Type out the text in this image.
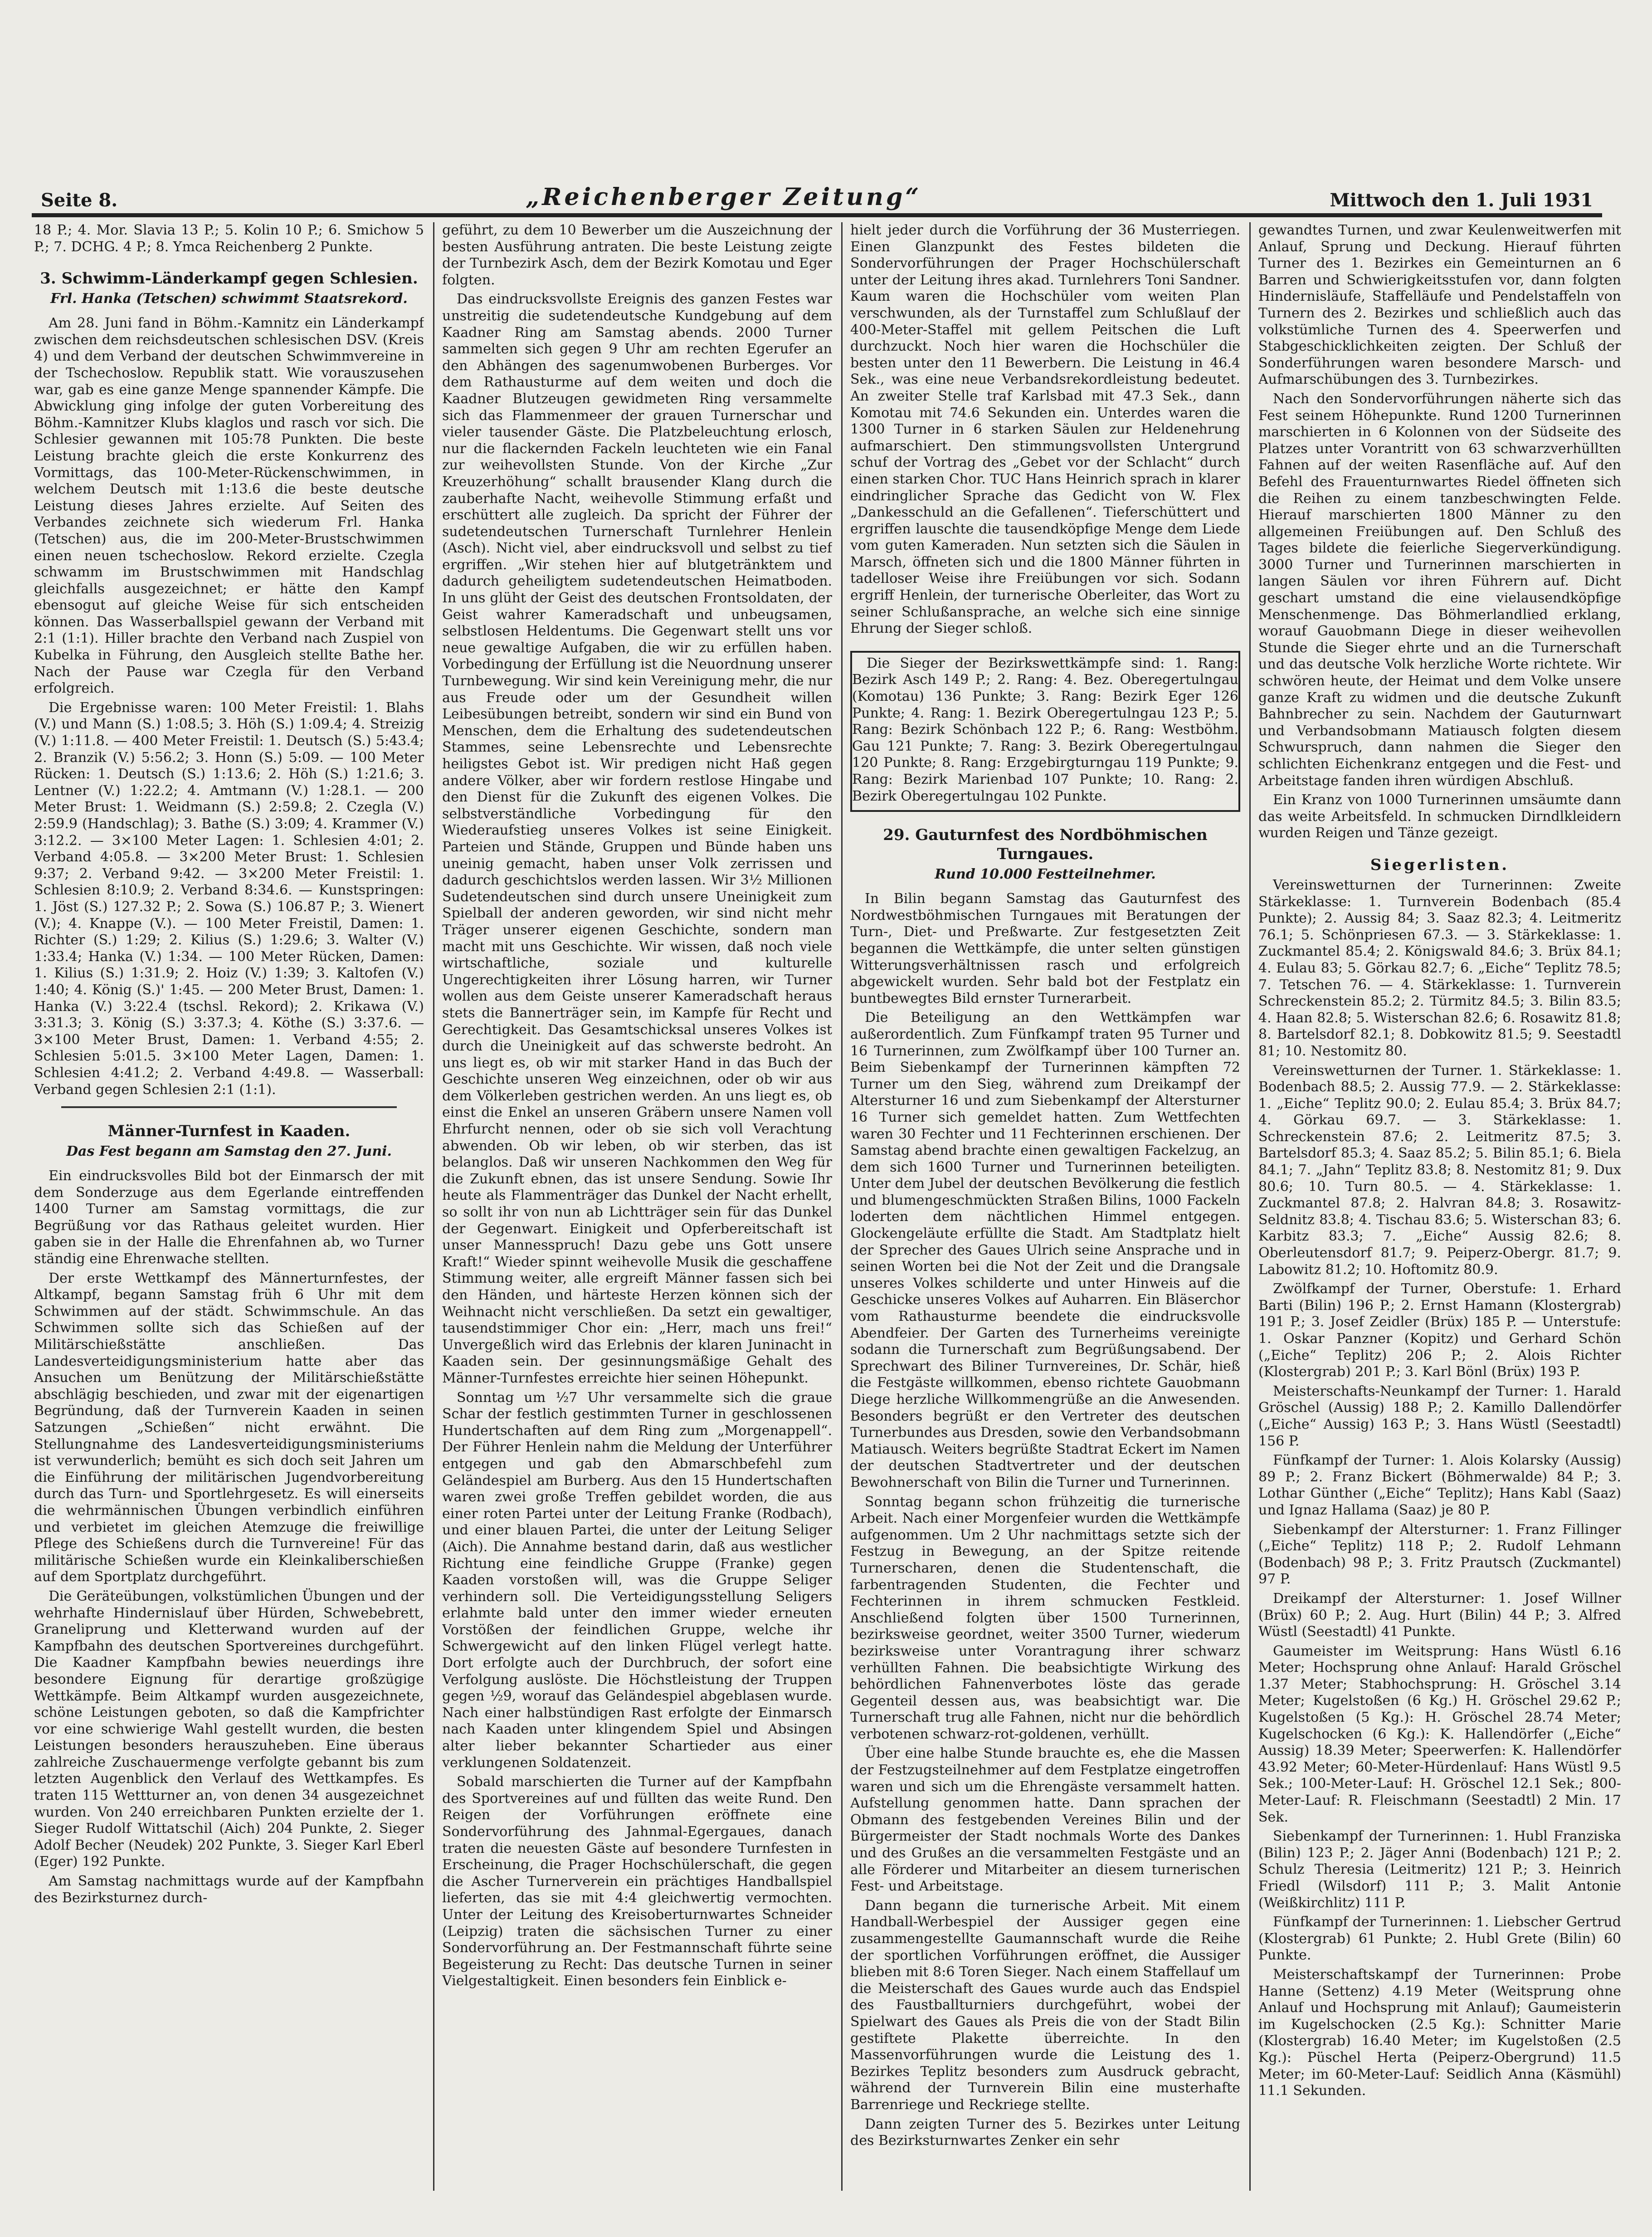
Seite 8.	„Reichenberger Zeitung“	Mittwoch den 1. Juli 1931

18 P.; 4. Mor. Slavia 13 P.; 5. Kolin 10 P.; 6. Smichow 5 P.; 7. DCHG. 4 P.; 8. Ymca Reichenberg 2 Punkte.

3. Schwimm-Länderkampf gegen Schlesien.
Frl. Hanka (Tetschen) schwimmt Staatsrekord.

Am 28. Juni fand in Böhm.-Kamnitz ein Länderkampf zwischen dem reichsdeutschen schlesischen DSV. (Kreis 4) und dem Verband der deutschen Schwimmvereine in der Tschechoslow. Republik statt. Wie vorauszusehen war, gab es eine ganze Menge spannender Kämpfe. Die Abwicklung ging infolge der guten Vorbereitung des Böhm.-Kamnitzer Klubs klaglos und rasch vor sich. Die Schlesier gewannen mit 105:78 Punkten. Die beste Leistung brachte gleich die erste Konkurrenz des Vormittags, das 100-Meter-Rückenschwimmen, in welchem Deutsch mit 1:13.6 die beste deutsche Leistung dieses Jahres erzielte. Auf Seiten des Verbandes zeichnete sich wiederum Frl. Hanka (Tetschen) aus, die im 200-Meter-Brustschwimmen einen neuen tschechoslow. Rekord erzielte. Czegla schwamm im Brustschwimmen mit Handschlag gleichfalls ausgezeichnet; er hätte den Kampf ebensogut auf gleiche Weise für sich entscheiden können. Das Wasserballspiel gewann der Verband mit 2:1 (1:1). Hiller brachte den Verband nach Zuspiel von Kubelka in Führung, den Ausgleich stellte Bathe her. Nach der Pause war Czegla für den Verband erfolgreich.

Die Ergebnisse waren: 100 Meter Freistil: 1. Blahs (V.) und Mann (S.) 1:08.5; 3. Höh (S.) 1:09.4; 4. Streizig (V.) 1:11.8. — 400 Meter Freistil: 1. Deutsch (S.) 5:43.4; 2. Branzik (V.) 5:56.2; 3. Honn (S.) 5:09. — 100 Meter Rücken: 1. Deutsch (S.) 1:13.6; 2. Höh (S.) 1:21.6; 3. Lentner (V.) 1:22.2; 4. Amtmann (V.) 1:28.1. — 200 Meter Brust: 1. Weidmann (S.) 2:59.8; 2. Czegla (V.) 2:59.9 (Handschlag); 3. Bathe (S.) 3:09; 4. Krammer (V.) 3:12.2. — 3×100 Meter Lagen: 1. Schlesien 4:01; 2. Verband 4:05.8. — 3×200 Meter Brust: 1. Schlesien 9:37; 2. Verband 9:42. — 3×200 Meter Freistil: 1. Schlesien 8:10.9; 2. Verband 8:34.6. — Kunstspringen: 1. Jöst (S.) 127.32 P.; 2. Sowa (S.) 106.87 P.; 3. Wienert (V.); 4. Knappe (V.). — 100 Meter Freistil, Damen: 1. Richter (S.) 1:29; 2. Kilius (S.) 1:29.6; 3. Walter (V.) 1:33.4; Hanka (V.) 1:34. — 100 Meter Rücken, Damen: 1. Kilius (S.) 1:31.9; 2. Hoiz (V.) 1:39; 3. Kaltofen (V.) 1:40; 4. König (S.)' 1:45. — 200 Meter Brust, Damen: 1. Hanka (V.) 3:22.4 (tschsl. Rekord); 2. Krikawa (V.) 3:31.3; 3. König (S.) 3:37.3; 4. Köthe (S.) 3:37.6. — 3×100 Meter Brust, Damen: 1. Verband 4:55; 2. Schlesien 5:01.5. 3×100 Meter Lagen, Damen: 1. Schlesien 4:41.2; 2. Verband 4:49.8. — Wasserball: Verband gegen Schlesien 2:1 (1:1).

Männer-Turnfest in Kaaden.
Das Fest begann am Samstag den 27. Juni.

Ein eindrucksvolles Bild bot der Einmarsch der mit dem Sonderzuge aus dem Egerlande eintreffenden 1400 Turner am Samstag vormittags, die zur Begrüßung vor das Rathaus geleitet wurden. Hier gaben sie in der Halle die Ehrenfahnen ab, wo Turner ständig eine Ehrenwache stellten.

Der erste Wettkampf des Männerturnfestes, der Altkampf, begann Samstag früh 6 Uhr mit dem Schwimmen auf der städt. Schwimmschule. An das Schwimmen sollte sich das Schießen auf der Militärschießstätte anschließen. Das Landesverteidigungsministerium hatte aber das Ansuchen um Benützung der Militärschießstätte abschlägig beschieden, und zwar mit der eigenartigen Begründung, daß der Turnverein Kaaden in seinen Satzungen „Schießen“ nicht erwähnt. Die Stellungnahme des Landesverteidigungsministeriums ist verwunderlich; bemüht es sich doch seit Jahren um die Einführung der militärischen Jugendvorbereitung durch das Turn- und Sportlehrgesetz. Es will einerseits die wehrmännischen Übungen verbindlich einführen und verbietet im gleichen Atemzuge die freiwillige Pflege des Schießens durch die Turnvereine! Für das militärische Schießen wurde ein Kleinkaliberschießen auf dem Sportplatz durchgeführt.

Die Geräteübungen, volkstümlichen Übungen und der wehrhafte Hindernislauf über Hürden, Schwebebrett, Graneliprung und Kletterwand wurden auf der Kampfbahn des deutschen Sportvereines durchgeführt. Die Kaadner Kampfbahn bewies neuerdings ihre besondere Eignung für derartige großzügige Wettkämpfe. Beim Altkampf wurden ausgezeichnete, schöne Leistungen geboten, so daß die Kampfrichter vor eine schwierige Wahl gestellt wurden, die besten Leistungen besonders herauszuheben. Eine überaus zahlreiche Zuschauermenge verfolgte gebannt bis zum letzten Augenblick den Verlauf des Wettkampfes. Es traten 115 Wettturner an, von denen 34 ausgezeichnet wurden. Von 240 erreichbaren Punkten erzielte der 1. Sieger Rudolf Wittatschil (Aich) 204 Punkte, 2. Sieger Adolf Becher (Neudek) 202 Punkte, 3. Sieger Karl Eberl (Eger) 192 Punkte.

Am Samstag nachmittags wurde auf der Kampfbahn des Bezirksturnez durch-

geführt, zu dem 10 Bewerber um die Auszeichnung der besten Ausführung antraten. Die beste Leistung zeigte der Turnbezirk Asch, dem der Bezirk Komotau und Eger folgten.

Das eindrucksvollste Ereignis des ganzen Festes war unstreitig die sudetendeutsche Kundgebung auf dem Kaadner Ring am Samstag abends. 2000 Turner sammelten sich gegen 9 Uhr am rechten Egerufer an den Abhängen des sagenumwobenen Burberges. Vor dem Rathausturme auf dem weiten und doch die Kaadner Blutzeugen gewidmeten Ring versammelte sich das Flammenmeer der grauen Turnerschar und vieler tausender Gäste. Die Platzbeleuchtung erlosch, nur die flackernden Fackeln leuchteten wie ein Fanal zur weihevollsten Stunde. Von der Kirche „Zur Kreuzerhöhung“ schallt brausender Klang durch die zauberhafte Nacht, weihevolle Stimmung erfaßt und erschüttert alle zugleich. Da spricht der Führer der sudetendeutschen Turnerschaft Turnlehrer Henlein (Asch). Nicht viel, aber eindrucksvoll und selbst zu tief ergriffen. „Wir stehen hier auf blutgetränktem und dadurch geheiligtem sudetendeutschen Heimatboden. In uns glüht der Geist des deutschen Frontsoldaten, der Geist wahrer Kameradschaft und unbeugsamen, selbstlosen Heldentums. Die Gegenwart stellt uns vor neue gewaltige Aufgaben, die wir zu erfüllen haben. Vorbedingung der Erfüllung ist die Neuordnung unserer Turnbewegung. Wir sind kein Vereinigung mehr, die nur aus Freude oder um der Gesundheit willen Leibesübungen betreibt, sondern wir sind ein Bund von Menschen, dem die Erhaltung des sudetendeutschen Stammes, seine Lebensrechte und Lebensrechte heiligstes Gebot ist. Wir predigen nicht Haß gegen andere Völker, aber wir fordern restlose Hingabe und den Dienst für die Zukunft des eigenen Volkes. Die selbstverständliche Vorbedingung für den Wiederaufstieg unseres Volkes ist seine Einigkeit. Parteien und Stände, Gruppen und Bünde haben uns uneinig gemacht, haben unser Volk zerrissen und dadurch geschichtslos werden lassen. Wir 3½ Millionen Sudetendeutschen sind durch unsere Uneinigkeit zum Spielball der anderen geworden, wir sind nicht mehr Träger unserer eigenen Geschichte, sondern man macht mit uns Geschichte. Wir wissen, daß noch viele wirtschaftliche, soziale und kulturelle Ungerechtigkeiten ihrer Lösung harren, wir Turner wollen aus dem Geiste unserer Kameradschaft heraus stets die Bannerträger sein, im Kampfe für Recht und Gerechtigkeit. Das Gesamtschicksal unseres Volkes ist durch die Uneinigkeit auf das schwerste bedroht. An uns liegt es, ob wir mit starker Hand in das Buch der Geschichte unseren Weg einzeichnen, oder ob wir aus dem Völkerleben gestrichen werden. An uns liegt es, ob einst die Enkel an unseren Gräbern unsere Namen voll Ehrfurcht nennen, oder ob sie sich voll Verachtung abwenden. Ob wir leben, ob wir sterben, das ist belanglos. Daß wir unseren Nachkommen den Weg für die Zukunft ebnen, das ist unsere Sendung. Sowie Ihr heute als Flammenträger das Dunkel der Nacht erhellt, so sollt ihr von nun ab Lichtträger sein für das Dunkel der Gegenwart. Einigkeit und Opferbereitschaft ist unser Mannesspruch! Dazu gebe uns Gott unsere Kraft!“ Wieder spinnt weihevolle Musik die geschaffene Stimmung weiter, alle ergreift Männer fassen sich bei den Händen, und härteste Herzen können sich der Weihnacht nicht verschließen. Da setzt ein gewaltiger, tausendstimmiger Chor ein: „Herr, mach uns frei!“ Unvergeßlich wird das Erlebnis der klaren Juninacht in Kaaden sein. Der gesinnungsmäßige Gehalt des Männer-Turnfestes erreichte hier seinen Höhepunkt.

Sonntag um ½7 Uhr versammelte sich die graue Schar der festlich gestimmten Turner in geschlossenen Hundertschaften auf dem Ring zum „Morgenappell“. Der Führer Henlein nahm die Meldung der Unterführer entgegen und gab den Abmarschbefehl zum Geländespiel am Burberg. Aus den 15 Hundertschaften waren zwei große Treffen gebildet worden, die aus einer roten Partei unter der Leitung Franke (Rodbach), und einer blauen Partei, die unter der Leitung Seliger (Aich). Die Annahme bestand darin, daß aus westlicher Richtung eine feindliche Gruppe (Franke) gegen Kaaden vorstoßen will, was die Gruppe Seliger verhindern soll. Die Verteidigungsstellung Seligers erlahmte bald unter den immer wieder erneuten Vorstößen der feindlichen Gruppe, welche ihr Schwergewicht auf den linken Flügel verlegt hatte. Dort erfolgte auch der Durchbruch, der sofort eine Verfolgung auslöste. Die Höchstleistung der Truppen gegen ½9, worauf das Geländespiel abgeblasen wurde. Nach einer halbstündigen Rast erfolgte der Einmarsch nach Kaaden unter klingendem Spiel und Absingen alter lieber bekannter Schartieder aus einer verklungenen Soldatenzeit.

Sobald marschierten die Turner auf der Kampfbahn des Sportvereines auf und füllten das weite Rund. Den Reigen der Vorführungen eröffnete eine Sondervorführung des Jahnmal-Egergaues, danach traten die neuesten Gäste auf besondere Turnfesten in Erscheinung, die Prager Hochschülerschaft, die gegen die Ascher Turnerverein ein prächtiges Handballspiel lieferten, das sie mit 4:4 gleichwertig vermochten. Unter der Leitung des Kreisoberturnwartes Schneider (Leipzig) traten die sächsischen Turner zu einer Sondervorführung an. Der Festmannschaft führte seine Begeisterung zu Recht: Das deutsche Turnen in seiner Vielgestaltigkeit. Einen besonders fein Einblick e-

hielt jeder durch die Vorführung der 36 Musterriegen. Einen Glanzpunkt des Festes bildeten die Sondervorführungen der Prager Hochschülerschaft unter der Leitung ihres akad. Turnlehrers Toni Sandner. Kaum waren die Hochschüler vom weiten Plan verschwunden, als der Turnstaffel zum Schlußlauf der 400-Meter-Staffel mit gellem Peitschen die Luft durchzuckt. Noch hier waren die Hochschüler die besten unter den 11 Bewerbern. Die Leistung in 46.4 Sek., was eine neue Verbandsrekordleistung bedeutet. An zweiter Stelle traf Karlsbad mit 47.3 Sek., dann Komotau mit 74.6 Sekunden ein. Unterdes waren die 1300 Turner in 6 starken Säulen zur Heldenehrung aufmarschiert. Den stimmungsvollsten Untergrund schuf der Vortrag des „Gebet vor der Schlacht“ durch einen starken Chor. TUC Hans Heinrich sprach in klarer eindringlicher Sprache das Gedicht von W. Flex „Dankesschuld an die Gefallenen“. Tieferschüttert und ergriffen lauschte die tausendköpfige Menge dem Liede vom guten Kameraden. Nun setzten sich die Säulen in Marsch, öffneten sich und die 1800 Männer führten in tadelloser Weise ihre Freiübungen vor sich. Sodann ergriff Henlein, der turnerische Oberleiter, das Wort zu seiner Schlußansprache, an welche sich eine sinnige Ehrung der Sieger schloß.

Die Sieger der Bezirkswettkämpfe sind: 1. Rang: Bezirk Asch 149 P.; 2. Rang: 4. Bez. Oberegertulngau (Komotau) 136 Punkte; 3. Rang: Bezirk Eger 126 Punkte; 4. Rang: 1. Bezirk Oberegertulngau 123 P.; 5. Rang: Bezirk Schönbach 122 P.; 6. Rang: Westböhm. Gau 121 Punkte; 7. Rang: 3. Bezirk Oberegertulngau 120 Punkte; 8. Rang: Erzgebirgturngau 119 Punkte; 9. Rang: Bezirk Marienbad 107 Punkte; 10. Rang: 2. Bezirk Oberegertulngau 102 Punkte.

29. Gauturnfest des Nordböhmischen Turngaues.
Rund 10.000 Festteilnehmer.

In Bilin begann Samstag das Gauturnfest des Nordwestböhmischen Turngaues mit Beratungen der Turn-, Diet- und Preßwarte. Zur festgesetzten Zeit begannen die Wettkämpfe, die unter selten günstigen Witterungsverhältnissen rasch und erfolgreich abgewickelt wurden. Sehr bald bot der Festplatz ein buntbewegtes Bild ernster Turnerarbeit.

Die Beteiligung an den Wettkämpfen war außerordentlich. Zum Fünfkampf traten 95 Turner und 16 Turnerinnen, zum Zwölfkampf über 100 Turner an. Beim Siebenkampf der Turnerinnen kämpften 72 Turner um den Sieg, während zum Dreikampf der Altersturner 16 und zum Siebenkampf der Altersturner 16 Turner sich gemeldet hatten. Zum Wettfechten waren 30 Fechter und 11 Fechterinnen erschienen. Der Samstag abend brachte einen gewaltigen Fackelzug, an dem sich 1600 Turner und Turnerinnen beteiligten. Unter dem Jubel der deutschen Bevölkerung die festlich und blumengeschmückten Straßen Bilins, 1000 Fackeln loderten dem nächtlichen Himmel entgegen. Glockengeläute erfüllte die Stadt. Am Stadtplatz hielt der Sprecher des Gaues Ulrich seine Ansprache und in seinen Worten bei die Not der Zeit und die Drangsale unseres Volkes schilderte und unter Hinweis auf die Geschicke unseres Volkes auf Auharren. Ein Bläserchor vom Rathausturme beendete die eindrucksvolle Abendfeier. Der Garten des Turnerheims vereinigte sodann die Turnerschaft zum Begrüßungsabend. Der Sprechwart des Biliner Turnvereines, Dr. Schär, hieß die Festgäste willkommen, ebenso richtete Gauobmann Diege herzliche Willkommengrüße an die Anwesenden. Besonders begrüßt er den Vertreter des deutschen Turnerbundes aus Dresden, sowie den Verbandsobmann Matiausch. Weiters begrüßte Stadtrat Eckert im Namen der deutschen Stadtvertreter und der deutschen Bewohnerschaft von Bilin die Turner und Turnerinnen.

Sonntag begann schon frühzeitig die turnerische Arbeit. Nach einer Morgenfeier wurden die Wettkämpfe aufgenommen. Um 2 Uhr nachmittags setzte sich der Festzug in Bewegung, an der Spitze reitende Turnerscharen, denen die Studentenschaft, die farbentragenden Studenten, die Fechter und Fechterinnen in ihrem schmucken Festkleid. Anschließend folgten über 1500 Turnerinnen, bezirksweise geordnet, weiter 3500 Turner, wiederum bezirksweise unter Vorantragung ihrer schwarz verhüllten Fahnen. Die beabsichtigte Wirkung des behördlichen Fahnenverbotes löste das gerade Gegenteil dessen aus, was beabsichtigt war. Die Turnerschaft trug alle Fahnen, nicht nur die behördlich verbotenen schwarz-rot-goldenen, verhüllt.

Über eine halbe Stunde brauchte es, ehe die Massen der Festzugsteilnehmer auf dem Festplatze eingetroffen waren und sich um die Ehrengäste versammelt hatten. Aufstellung genommen hatte. Dann sprachen der Obmann des festgebenden Vereines Bilin und der Bürgermeister der Stadt nochmals Worte des Dankes und des Grußes an die versammelten Festgäste und an alle Förderer und Mitarbeiter an diesem turnerischen Fest- und Arbeitstage.

Dann begann die turnerische Arbeit. Mit einem Handball-Werbespiel der Aussiger gegen eine zusammengestellte Gaumannschaft wurde die Reihe der sportlichen Vorführungen eröffnet, die Aussiger blieben mit 8:6 Toren Sieger. Nach einem Staffellauf um die Meisterschaft des Gaues wurde auch das Endspiel des Faustballturniers durchgeführt, wobei der Spielwart des Gaues als Preis die von der Stadt Bilin gestiftete Plakette überreichte. In den Massenvorführungen wurde die Leistung des 1. Bezirkes Teplitz besonders zum Ausdruck gebracht, während der Turnverein Bilin eine musterhafte Barrenriege und Reckriege stellte.

Dann zeigten Turner des 5. Bezirkes unter Leitung des Bezirksturnwartes Zenker ein sehr

gewandtes Turnen, und zwar Keulenweitwerfen mit Anlauf, Sprung und Deckung. Hierauf führten Turner des 1. Bezirkes ein Gemeinturnen an 6 Barren und Schwierigkeitsstufen vor, dann folgten Hindernisläufe, Staffelläufe und Pendelstaffeln von Turnern des 2. Bezirkes und schließlich auch das volkstümliche Turnen des 4. Speerwerfen und Stabgeschicklichkeiten zeigten. Der Schluß der Sonderführungen waren besondere Marsch- und Aufmarschübungen des 3. Turnbezirkes.

Nach den Sondervorführungen näherte sich das Fest seinem Höhepunkte. Rund 1200 Turnerinnen marschierten in 6 Kolonnen von der Südseite des Platzes unter Vorantritt von 63 schwarzverhüllten Fahnen auf der weiten Rasenfläche auf. Auf den Befehl des Frauenturnwartes Riedel öffneten sich die Reihen zu einem tanzbeschwingten Felde. Hierauf marschierten 1800 Männer zu den allgemeinen Freiübungen auf. Den Schluß des Tages bildete die feierliche Siegerverkündigung. 3000 Turner und Turnerinnen marschierten in langen Säulen vor ihren Führern auf. Dicht geschart umstand die eine vielausendköpfige Menschenmenge. Das Böhmerlandlied erklang, worauf Gauobmann Diege in dieser weihevollen Stunde die Sieger ehrte und an die Turnerschaft und das deutsche Volk herzliche Worte richtete. Wir schwören heute, der Heimat und dem Volke unsere ganze Kraft zu widmen und die deutsche Zukunft Bahnbrecher zu sein. Nachdem der Gauturnwart und Verbandsobmann Matiausch folgten diesem Schwurspruch, dann nahmen die Sieger den schlichten Eichenkranz entgegen und die Fest- und Arbeitstage fanden ihren würdigen Abschluß.

Ein Kranz von 1000 Turnerinnen umsäumte dann das weite Arbeitsfeld. In schmucken Dirndlkleidern wurden Reigen und Tänze gezeigt.

Siegerlisten.

Vereinswetturnen der Turnerinnen: Zweite Stärkeklasse: 1. Turnverein Bodenbach (85.4 Punkte); 2. Aussig 84; 3. Saaz 82.3; 4. Leitmeritz 76.1; 5. Schönpriesen 67.3. — 3. Stärkeklasse: 1. Zuckmantel 85.4; 2. Königswald 84.6; 3. Brüx 84.1; 4. Eulau 83; 5. Görkau 82.7; 6. „Eiche“ Teplitz 78.5; 7. Tetschen 76. — 4. Stärkeklasse: 1. Turnverein Schreckenstein 85.2; 2. Türmitz 84.5; 3. Bilin 83.5; 4. Haan 82.8; 5. Wisterschan 82.6; 6. Rosawitz 81.8; 8. Bartelsdorf 82.1; 8. Dobkowitz 81.5; 9. Seestadtl 81; 10. Nestomitz 80.

Vereinswetturnen der Turner. 1. Stärkeklasse: 1. Bodenbach 88.5; 2. Aussig 77.9. — 2. Stärkeklasse: 1. „Eiche“ Teplitz 90.0; 2. Eulau 85.4; 3. Brüx 84.7; 4. Görkau 69.7. — 3. Stärkeklasse: 1. Schreckenstein 87.6; 2. Leitmeritz 87.5; 3. Bartelsdorf 85.3; 4. Saaz 85.2; 5. Bilin 85.1; 6. Biela 84.1; 7. „Jahn“ Teplitz 83.8; 8. Nestomitz 81; 9. Dux 80.6; 10. Turn 80.5. — 4. Stärkeklasse: 1. Zuckmantel 87.8; 2. Halvran 84.8; 3. Rosawitz-Seldnitz 83.8; 4. Tischau 83.6; 5. Wisterschan 83; 6. Karbitz 83.3; 7. „Eiche“ Aussig 82.6; 8. Oberleutensdorf 81.7; 9. Peiperz-Obergr. 81.7; 9. Labowitz 81.2; 10. Hoftomitz 80.9.

Zwölfkampf der Turner, Oberstufe: 1. Erhard Barti (Bilin) 196 P.; 2. Ernst Hamann (Klostergrab) 191 P.; 3. Josef Zeidler (Brüx) 185 P. — Unterstufe: 1. Oskar Panzner (Kopitz) und Gerhard Schön („Eiche“ Teplitz) 206 P.; 2. Alois Richter (Klostergrab) 201 P.; 3. Karl Bönl (Brüx) 193 P.

Meisterschafts-Neunkampf der Turner: 1. Harald Gröschel (Aussig) 188 P.; 2. Kamillo Dallendörfer („Eiche“ Aussig) 163 P.; 3. Hans Wüstl (Seestadtl) 156 P.

Fünfkampf der Turner: 1. Alois Kolarsky (Aussig) 89 P.; 2. Franz Bickert (Böhmerwalde) 84 P.; 3. Lothar Günther („Eiche“ Teplitz); Hans Kabl (Saaz) und Ignaz Hallama (Saaz) je 80 P.

Siebenkampf der Altersturner: 1. Franz Fillinger („Eiche“ Teplitz) 118 P.; 2. Rudolf Lehmann (Bodenbach) 98 P.; 3. Fritz Prautsch (Zuckmantel) 97 P.

Dreikampf der Altersturner: 1. Josef Willner (Brüx) 60 P.; 2. Aug. Hurt (Bilin) 44 P.; 3. Alfred Wüstl (Seestadtl) 41 Punkte.

Gaumeister im Weitsprung: Hans Wüstl 6.16 Meter; Hochsprung ohne Anlauf: Harald Gröschel 1.37 Meter; Stabhochsprung: H. Gröschel 3.14 Meter; Kugelstoßen (6 Kg.) H. Gröschel 29.62 P.; Kugelstoßen (5 Kg.): H. Gröschel 28.74 Meter; Kugelschocken (6 Kg.): K. Hallendörfer („Eiche“ Aussig) 18.39 Meter; Speerwerfen: K. Hallendörfer 43.92 Meter; 60-Meter-Hürdenlauf: Hans Wüstl 9.5 Sek.; 100-Meter-Lauf: H. Gröschel 12.1 Sek.; 800-Meter-Lauf: R. Fleischmann (Seestadtl) 2 Min. 17 Sek.

Siebenkampf der Turnerinnen: 1. Hubl Franziska (Bilin) 123 P.; 2. Jäger Anni (Bodenbach) 121 P.; 2. Schulz Theresia (Leitmeritz) 121 P.; 3. Heinrich Friedl (Wilsdorf) 111 P.; 3. Malit Antonie (Weißkirchlitz) 111 P.

Fünfkampf der Turnerinnen: 1. Liebscher Gertrud (Klostergrab) 61 Punkte; 2. Hubl Grete (Bilin) 60 Punkte.

Meisterschaftskampf der Turnerinnen: Probe Hanne (Settenz) 4.19 Meter (Weitsprung ohne Anlauf und Hochsprung mit Anlauf); Gaumeisterin im Kugelschocken (2.5 Kg.): Schnitter Marie (Klostergrab) 16.40 Meter; im Kugelstoßen (2.5 Kg.): Püschel Herta (Peiperz-Obergrund) 11.5 Meter; im 60-Meter-Lauf: Seidlich Anna (Käsmühl) 11.1 Sekunden.
